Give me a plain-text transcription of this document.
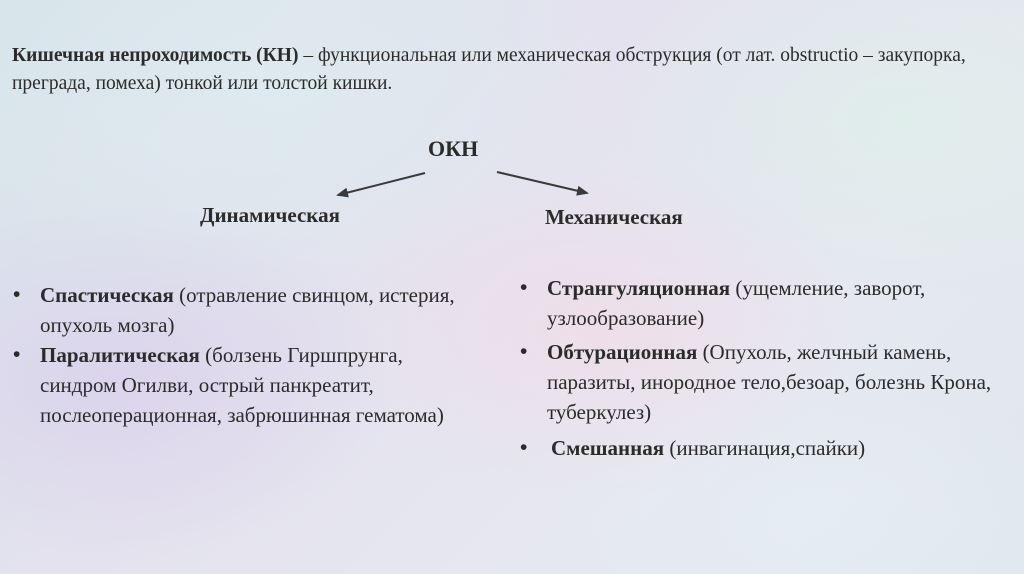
Кишечная непроходимость (КН) – функциональная или механическая обструкция (от лат. obstructio – закупорка, преграда, помеха) тонкой или толстой кишки.

ОКН

Динамическая	Механическая

• Спастическая (отравление свинцом, истерия, опухоль мозга)
• Паралитическая (болзень Гиршпрунга, синдром Огилви, острый панкреатит, послеоперационная, забрюшинная гематома)
• Странгуляционная (ущемление, заворот, узлообразование)
• Обтурационная (Опухоль, желчный камень, паразиты, инородное тело,безоар, болезнь Крона, туберкулез)
• Смешанная (инвагинация,спайки)
